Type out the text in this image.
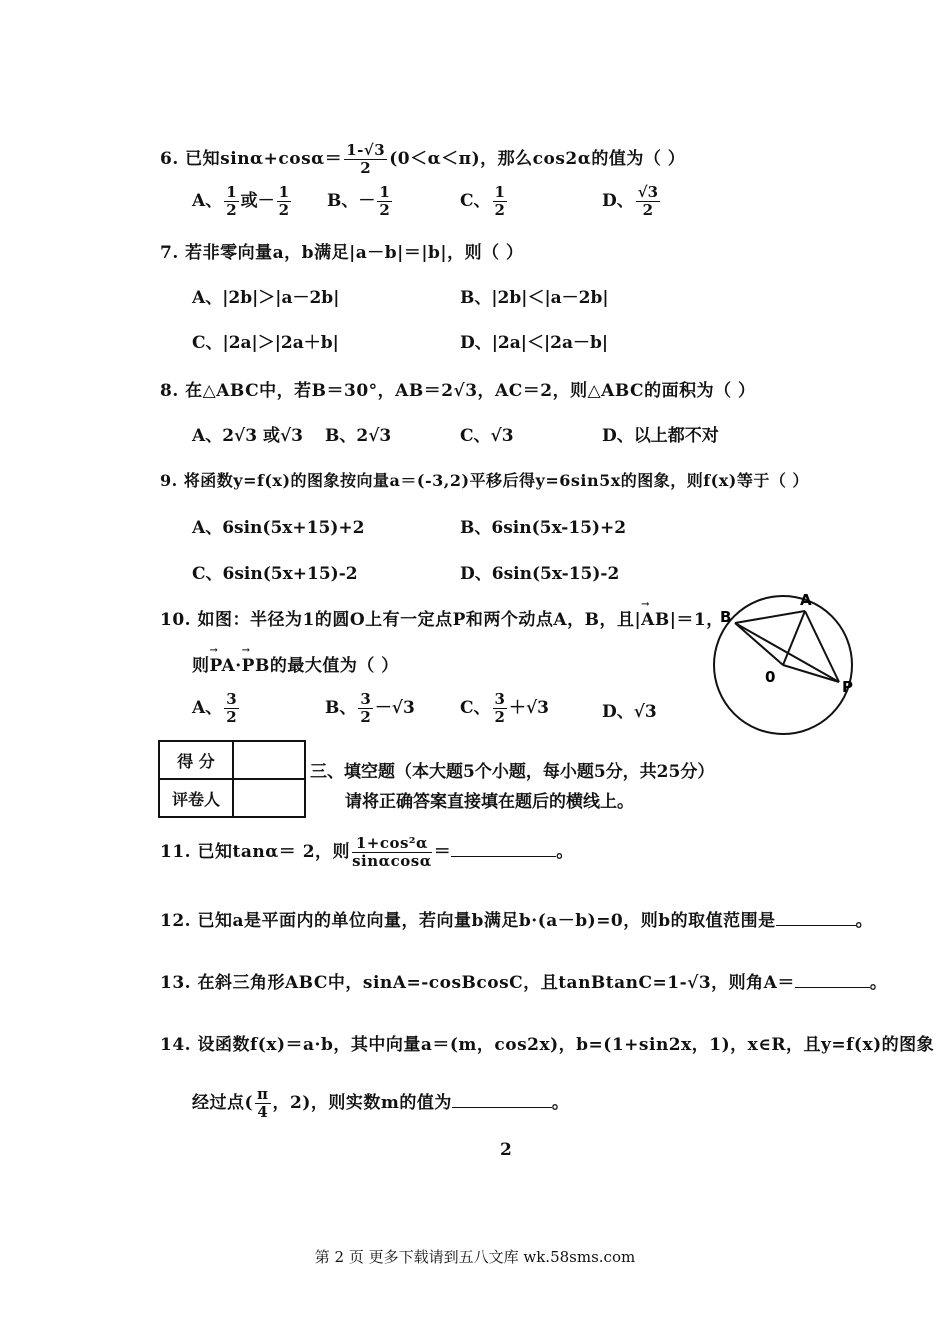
6. 已知$\sin\alpha+\cos\alpha= \frac{1-√3}{2} (0<\alpha<\pi)$，那么cos2α的值为（ ）
A、 $\frac{1}{2}$ 或－ $\frac{1}{2}$ B、－ $\frac{1}{2}$	C、 $\frac{1}{2}$	D、 $\frac{√3}{2}$
7. 若非零向量a，b满足|a－b|＝|b|，则（ ）
A、|2b|＞|a－2b|	B、|2b|＜|a－2b|
C、|2a|＞|2a＋b|	D、|2a|＜|2a－b|
8. 在△ABC中，若B＝30°，AB＝2√3，AC＝2，则△ABC的面积为（ ）
A、2√3 或√3 B、2√3	C、√3	D、以上都不对
9. 将函数y=f(x)的图象按向量a＝(-3,2)平移后得y=6sin5x的图象，则f(x)等于（ ）
A、6sin(5x+15)+2	B、6sin(5x-15)+2
C、6sin(5x+15)-2	D、6sin(5x-15)-2
10. 如图：半径为1的圆O上有一定点P和两个动点A，B，且|→ AB|＝1，
则→ PA·→ PB的最大值为（ ）
A、 $\frac{3}{2}$	B、 $\frac{3}{2} -√3$	C、 $\frac{3}{2} +√3$	D、√3
B
A
0
P
得 分	
评卷人	
三、填空题（本大题5个小题，每小题5分，共25分）
请将正确答案直接填在题后的横线上。
11. 已知tanα＝ 2，则 $\frac{\text{1+cos²α}}{\sin\alpha\cos\alpha}$ ＝	。
12. 已知a是平面内的单位向量，若向量b满足b·(a－b)=0，则b的取值范围是	。
13. 在斜三角形ABC中，sinA=-cosBcosC，且tanBtanC=1-√3，则角A＝	。
14. 设函数f(x)＝a·b，其中向量a＝(m，cos2x)，b=(1+sin2x，1)，x∈R，且y=f(x)的图象
经过点( $\frac{\pi}{4}$ ，2)，则实数m的值为	。
2
第 2 页 更多下载请到五八文库 wk.58sms.com
